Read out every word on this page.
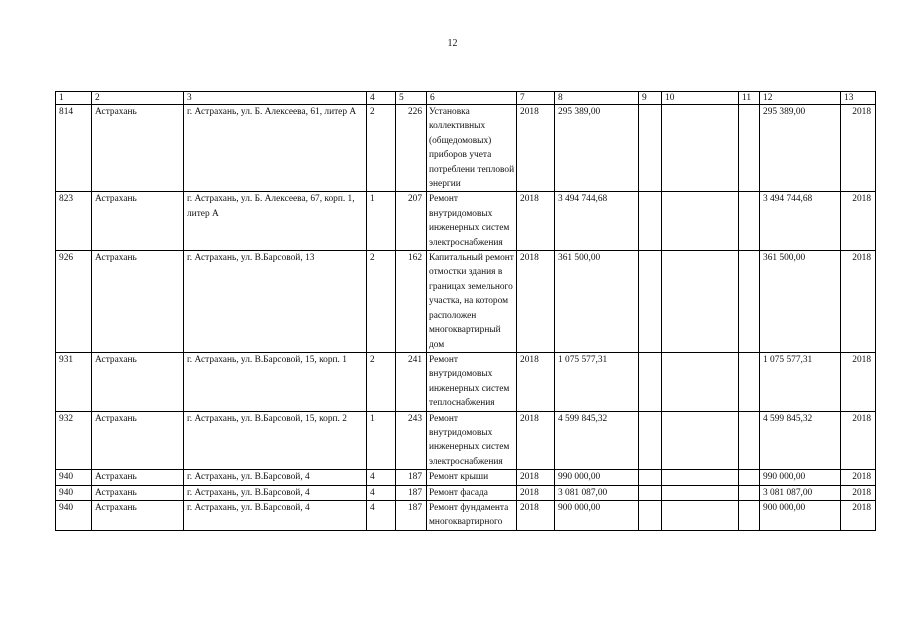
12
1	2	3	4	5	6	7	8	9	10	11	12	13
814	Астрахань	г. Астрахань, ул. Б. Алексеева, 61, литер А	2	226	Установка коллективных (общедомовых) приборов учета потреблени тепловой энергии	2018	295 389,00				295 389,00	2018
823	Астрахань	г. Астрахань, ул. Б. Алексеева, 67, корп. 1, литер А	1	207	Ремонт внутридомовых инженерных систем электроснабжения	2018	3 494 744,68				3 494 744,68	2018
926	Астрахань	г. Астрахань, ул. В.Барсовой, 13	2	162	Капитальный ремонт отмостки здания в границах земельного участка, на котором расположен многоквартирный дом	2018	361 500,00				361 500,00	2018
931	Астрахань	г. Астрахань, ул. В.Барсовой, 15, корп. 1	2	241	Ремонт внутридомовых инженерных систем теплоснабжения	2018	1 075 577,31				1 075 577,31	2018
932	Астрахань	г. Астрахань, ул. В.Барсовой, 15, корп. 2	1	243	Ремонт внутридомовых инженерных систем электроснабжения	2018	4 599 845,32				4 599 845,32	2018
940	Астрахань	г. Астрахань, ул. В.Барсовой, 4	4	187	Ремонт крыши	2018	990 000,00				990 000,00	2018
940	Астрахань	г. Астрахань, ул. В.Барсовой, 4	4	187	Ремонт фасада	2018	3 081 087,00				3 081 087,00	2018
940	Астрахань	г. Астрахань, ул. В.Барсовой, 4	4	187	Ремонт фундамента многоквартирного	2018	900 000,00				900 000,00	2018
